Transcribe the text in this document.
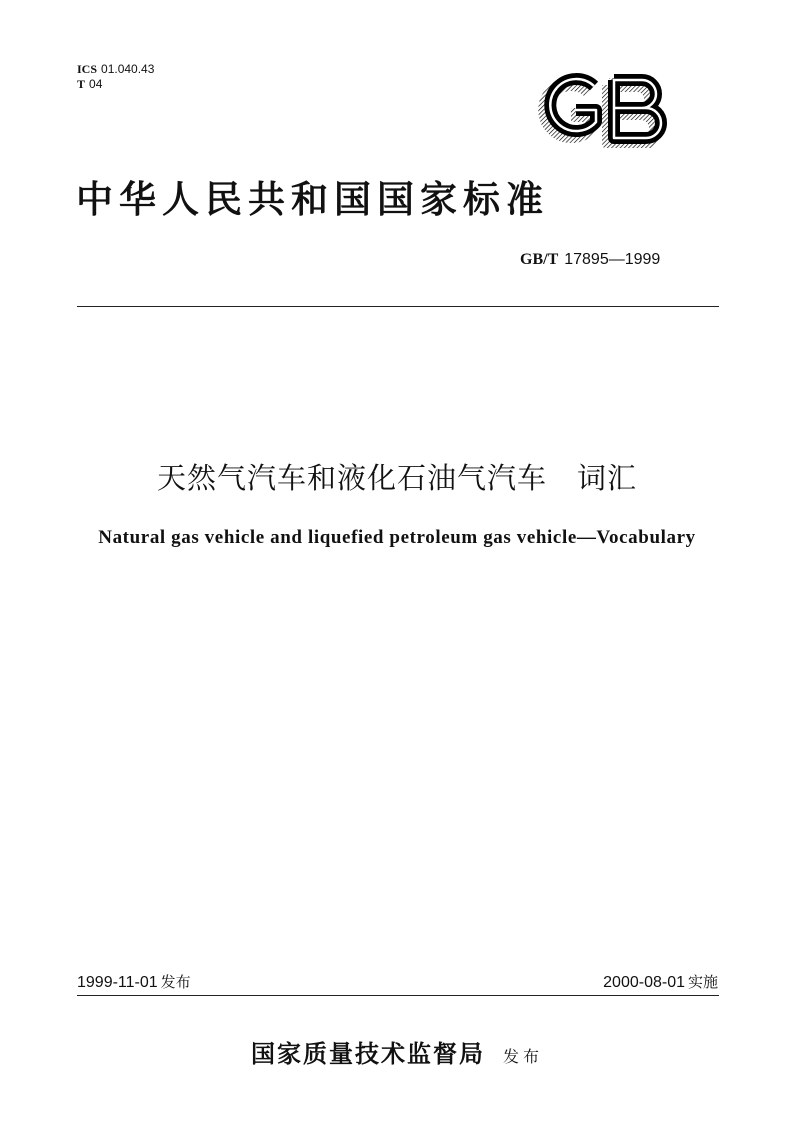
ICS 01.040.43
T 04
中华人民共和国国家标准
GB/T 17895—1999
天然气汽车和液化石油气汽车　词汇
Natural gas vehicle and liquefied petroleum gas vehicle—Vocabulary
1999-11-01 发布	2000-08-01 实施
国家质量技术监督局 发布
